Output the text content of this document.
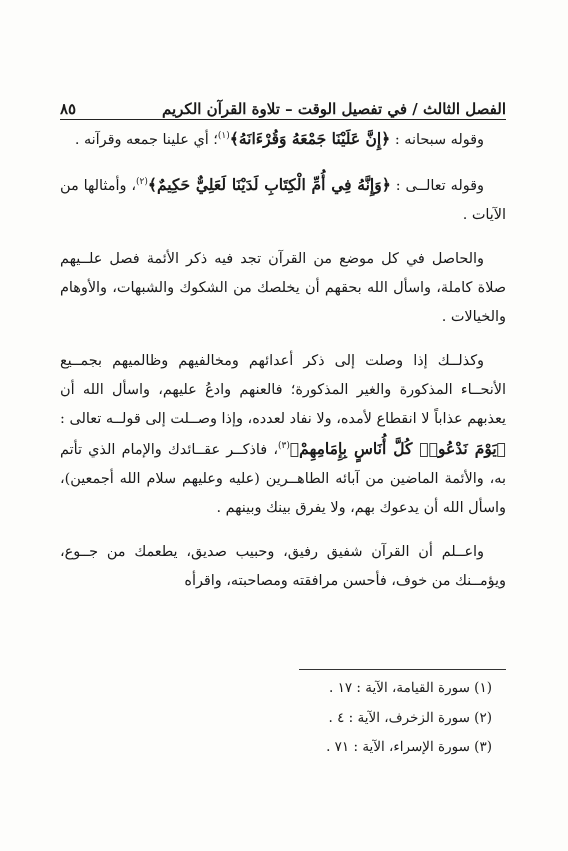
الفصل الثالث / في تفصيل الوقت – تلاوة القرآن الكريم
٨٥

وقوله سبحانه : ﴿إِنَّ عَلَيْنَا جَمْعَهُ وَقُرْءَانَهُ﴾$^{(١)}$؛ أي علينا جمعه وقرآنه .

وقوله تعالــى : ﴿وَإِنَّهُ فِي أُمِّ الْكِتَابِ لَدَيْنَا لَعَلِيٌّ حَكِيمٌ﴾$^{(٢)}$، وأمثالها من الآيات .

والحاصل في كل موضع من القرآن تجد فيه ذكر الأئمة فصل علــيهم صلاة كاملة، واسأل الله بحقهم أن يخلصك من الشكوك والشبهات، والأوهام والخيالات .

وكذلــك إذا وصلت إلى ذكر أعدائهم ومخالفيهم وظالميهم بجمــيع الأنحــاء المذكورة والغير المذكورة؛ فالعنهم وادعُ عليهم، واسأل الله أن يعذبهم عذاباً لا انقطاع لأمده، ولا نفاد لعدده، وإذا وصــلت إلى قولــه تعالى : ﴿يَوْمَ نَدْعُوا۟ كُلَّ أُنَاسٍ بِإِمَامِهِمْ﴾$^{(٣)}$، فاذكــر عقــائدك والإمام الذي تأتم به، والأئمة الماضين من آبائه الطاهــرين (عليه وعليهم سلام الله أجمعين)، واسأل الله أن يدعوك بهم، ولا يفرق بينك وبينهم .

واعــلم أن القرآن شفيق رفيق، وحبيب صديق، يطعمك من جــوع، ويؤمــنك من خوف، فأحسن مرافقته ومصاحبته، واقرأه

(١) سورة القيامة، الآية : ١٧ .
(٢) سورة الزخرف، الآية : ٤ .
(٣) سورة الإسراء، الآية : ٧١ .
